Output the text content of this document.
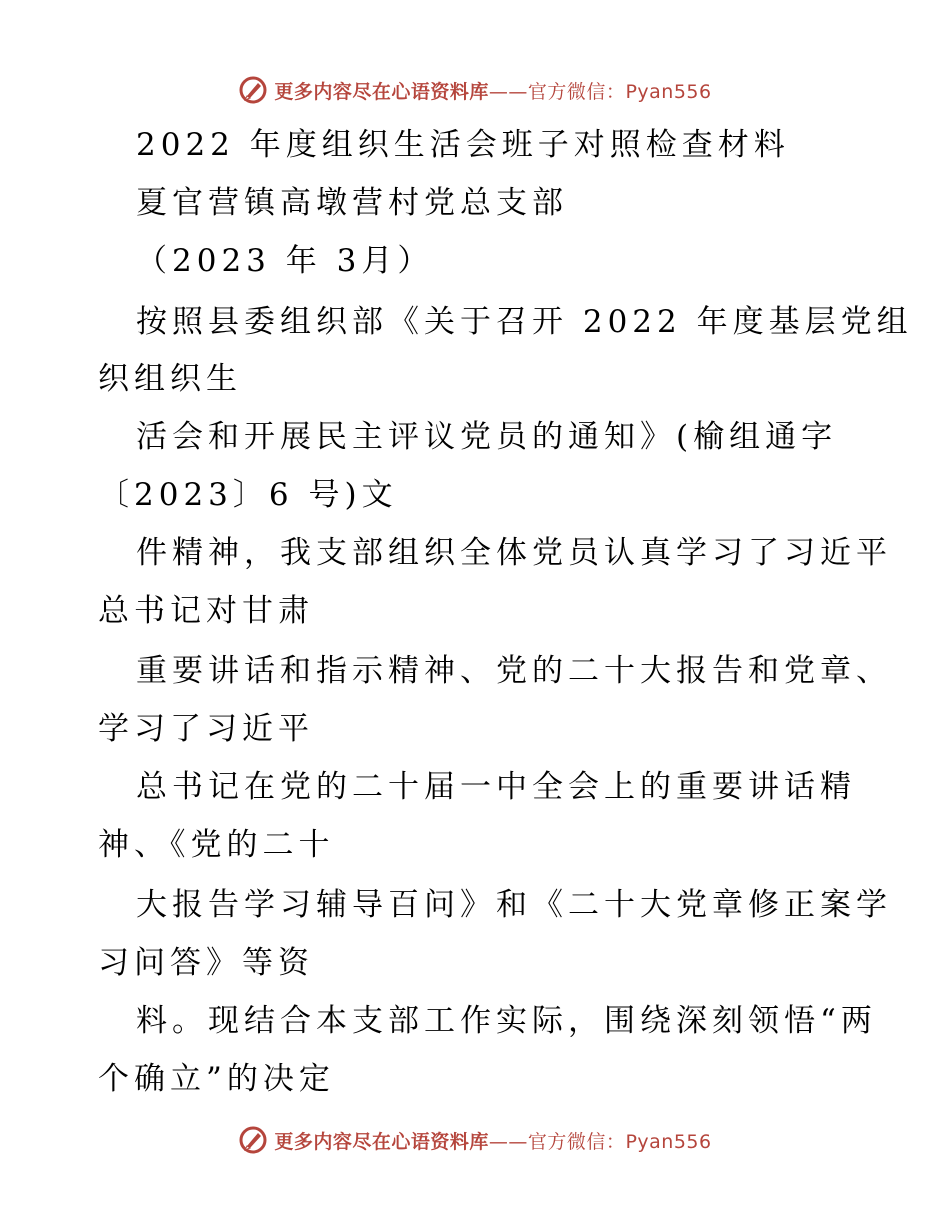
更多内容尽在心语资料库——官方微信：Pyan556
2022 年度组织生活会班子对照检查材料
夏官营镇高墩营村党总支部
（2023 年 3月）
按照县委组织部《关于召开 2022 年度基层党组
织组织生
活会和开展民主评议党员的通知》(榆组通字
〔2023〕6 号)文
件精神，我支部组织全体党员认真学习了习近平
总书记对甘肃
重要讲话和指示精神、党的二十大报告和党章、
学习了习近平
总书记在党的二十届一中全会上的重要讲话精
神、《党的二十
大报告学习辅导百问》和《二十大党章修正案学
习问答》等资
料。现结合本支部工作实际，围绕深刻领悟“两
个确立”的决定
更多内容尽在心语资料库——官方微信：Pyan556
